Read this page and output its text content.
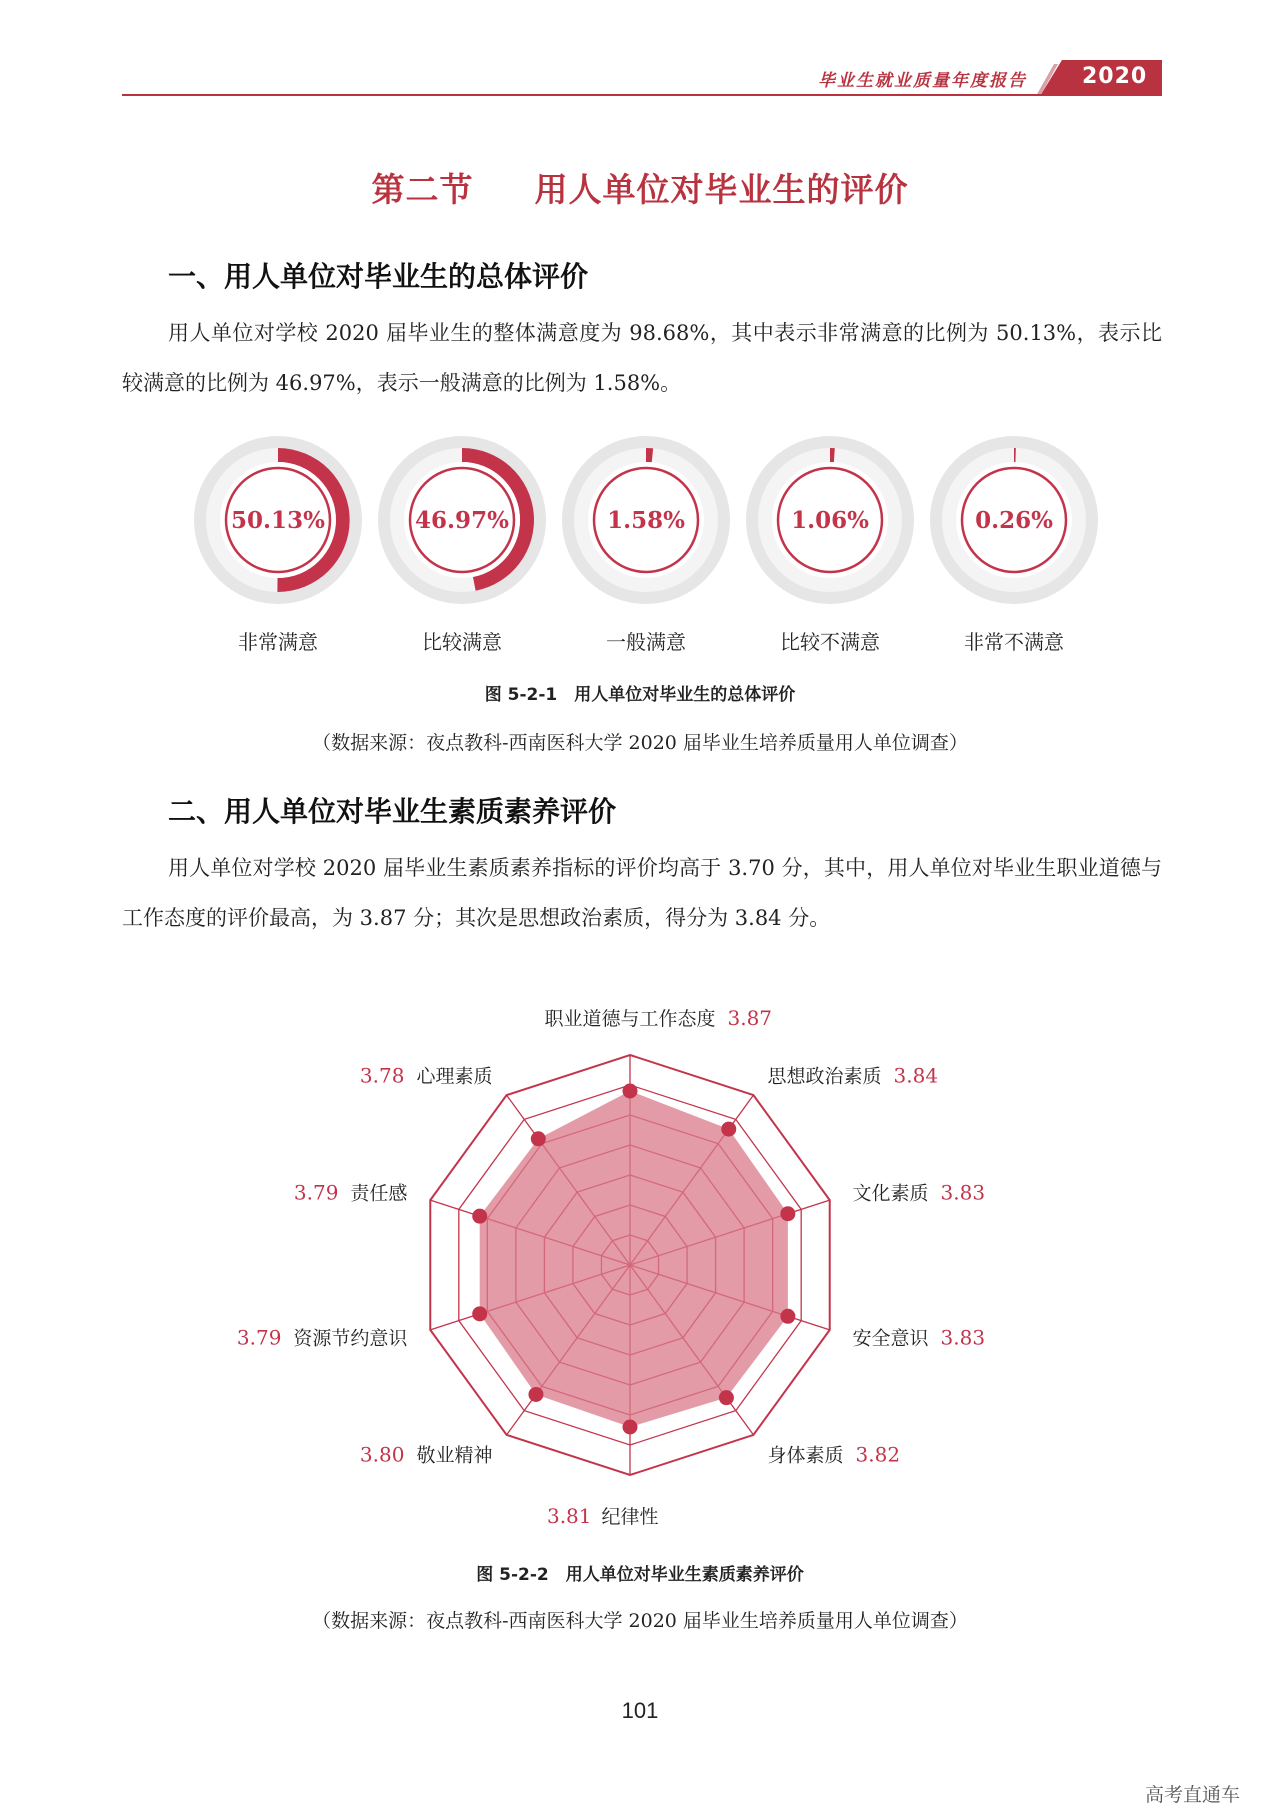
毕业生就业质量年度报告	2020
第二节 用人单位对毕业生的评价
一、用人单位对毕业生的总体评价
用人单位对学校 2020 届毕业生的整体满意度为 98.68%，其中表示非常满意的比例为 50.13%，表示比较满意的比例为 46.97%，表示一般满意的比例为 1.58%。
50.13%
非常满意
46.97%
比较满意
1.58%
一般满意
1.06%
比较不满意
0.26%
非常不满意
图 5-2-1　用人单位对毕业生的总体评价
（数据来源：夜点教科-西南医科大学 2020 届毕业生培养质量用人单位调查）
二、用人单位对毕业生素质素养评价
用人单位对学校 2020 届毕业生素质素养指标的评价均高于 3.70 分，其中，用人单位对毕业生职业道德与工作态度的评价最高，为 3.87 分；其次是思想政治素质，得分为 3.84 分。
职业道德与工作态度 3.87
思想政治素质 3.84
文化素质 3.83
安全意识 3.83
身体素质 3.82
纪律性
3.81
敬业精神
3.80
资源节约意识
3.79
责任感
3.79
心理素质
3.78
图 5-2-2　用人单位对毕业生素质素养评价
（数据来源：夜点教科-西南医科大学 2020 届毕业生培养质量用人单位调查）
101
高考直通车
